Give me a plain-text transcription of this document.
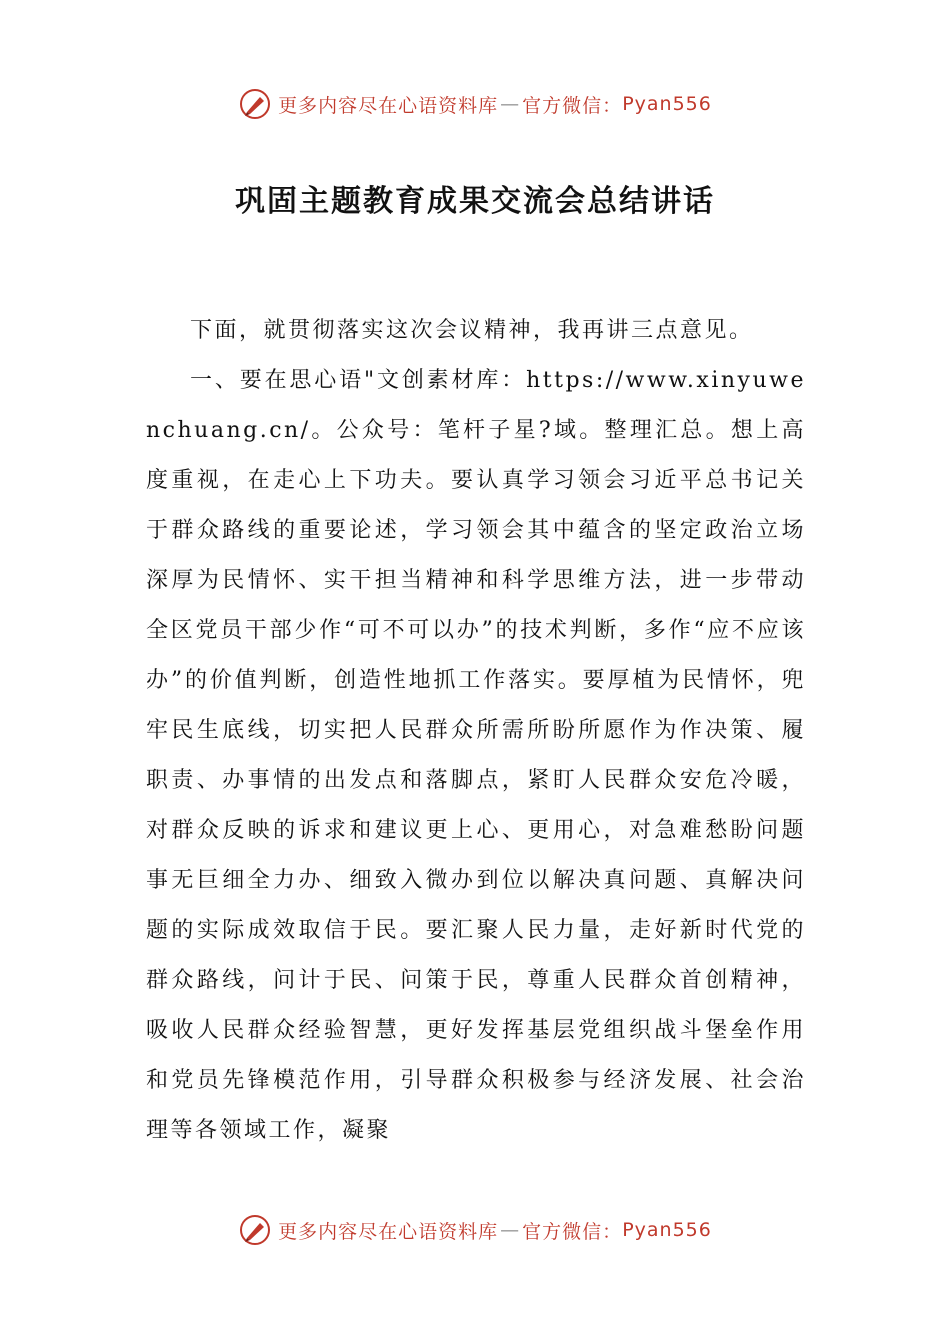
更多内容尽在心语资料库 — 官方微信： Pyan556
巩固主题教育成果交流会总结讲话

下面，就贯彻落实这次会议精神，我再讲三点意见。

一、要在思心语"文创素材库：https://www.xinyuwenchuang.cn/。公众号：笔杆子星?域。整理汇总。想上高度重视，在走心上下功夫。要认真学习领会习近平总书记关于群众路线的重要论述，学习领会其中蕴含的坚定政治立场深厚为民情怀、实干担当精神和科学思维方法，进一步带动全区党员干部少作“可不可以办”的技术判断，多作“应不应该办”的价值判断，创造性地抓工作落实。要厚植为民情怀，兜牢民生底线，切实把人民群众所需所盼所愿作为作决策、履职责、办事情的出发点和落脚点，紧盯人民群众安危冷暖，对群众反映的诉求和建议更上心、更用心，对急难愁盼问题事无巨细全力办、细致入微办到位以解决真问题、真解决问题的实际成效取信于民。要汇聚人民力量，走好新时代党的群众路线，问计于民、问策于民，尊重人民群众首创精神，吸收人民群众经验智慧，更好发挥基层党组织战斗堡垒作用和党员先锋模范作用，引导群众积极参与经济发展、社会治理等各领域工作，凝聚

更多内容尽在心语资料库 — 官方微信： Pyan556
